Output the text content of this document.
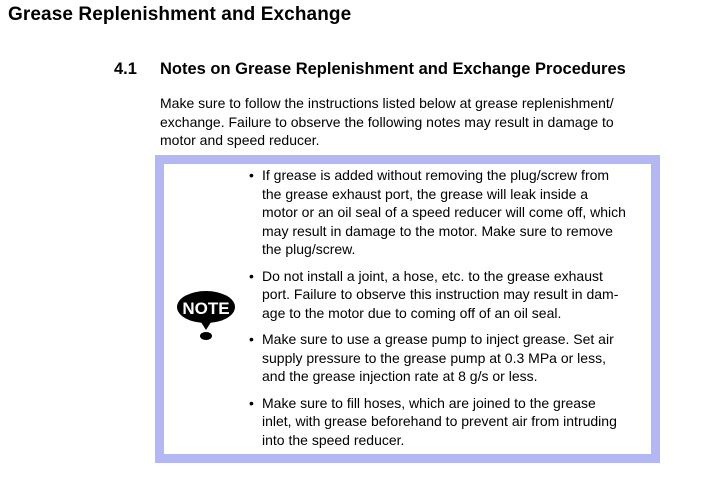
Grease Replenishment and Exchange
4.1 Notes on Grease Replenishment and Exchange Procedures
Make sure to follow the instructions listed below at grease replenishment/
exchange. Failure to observe the following notes may result in damage to
motor and speed reducer.
NOTE
• If grease is added without removing the plug/screw from
the grease exhaust port, the grease will leak inside a
motor or an oil seal of a speed reducer will come off, which
may result in damage to the motor. Make sure to remove
the plug/screw.
• Do not install a joint, a hose, etc. to the grease exhaust
port. Failure to observe this instruction may result in dam-
age to the motor due to coming off of an oil seal.
• Make sure to use a grease pump to inject grease. Set air
supply pressure to the grease pump at 0.3 MPa or less,
and the grease injection rate at 8 g/s or less.
• Make sure to fill hoses, which are joined to the grease
inlet, with grease beforehand to prevent air from intruding
into the speed reducer.
